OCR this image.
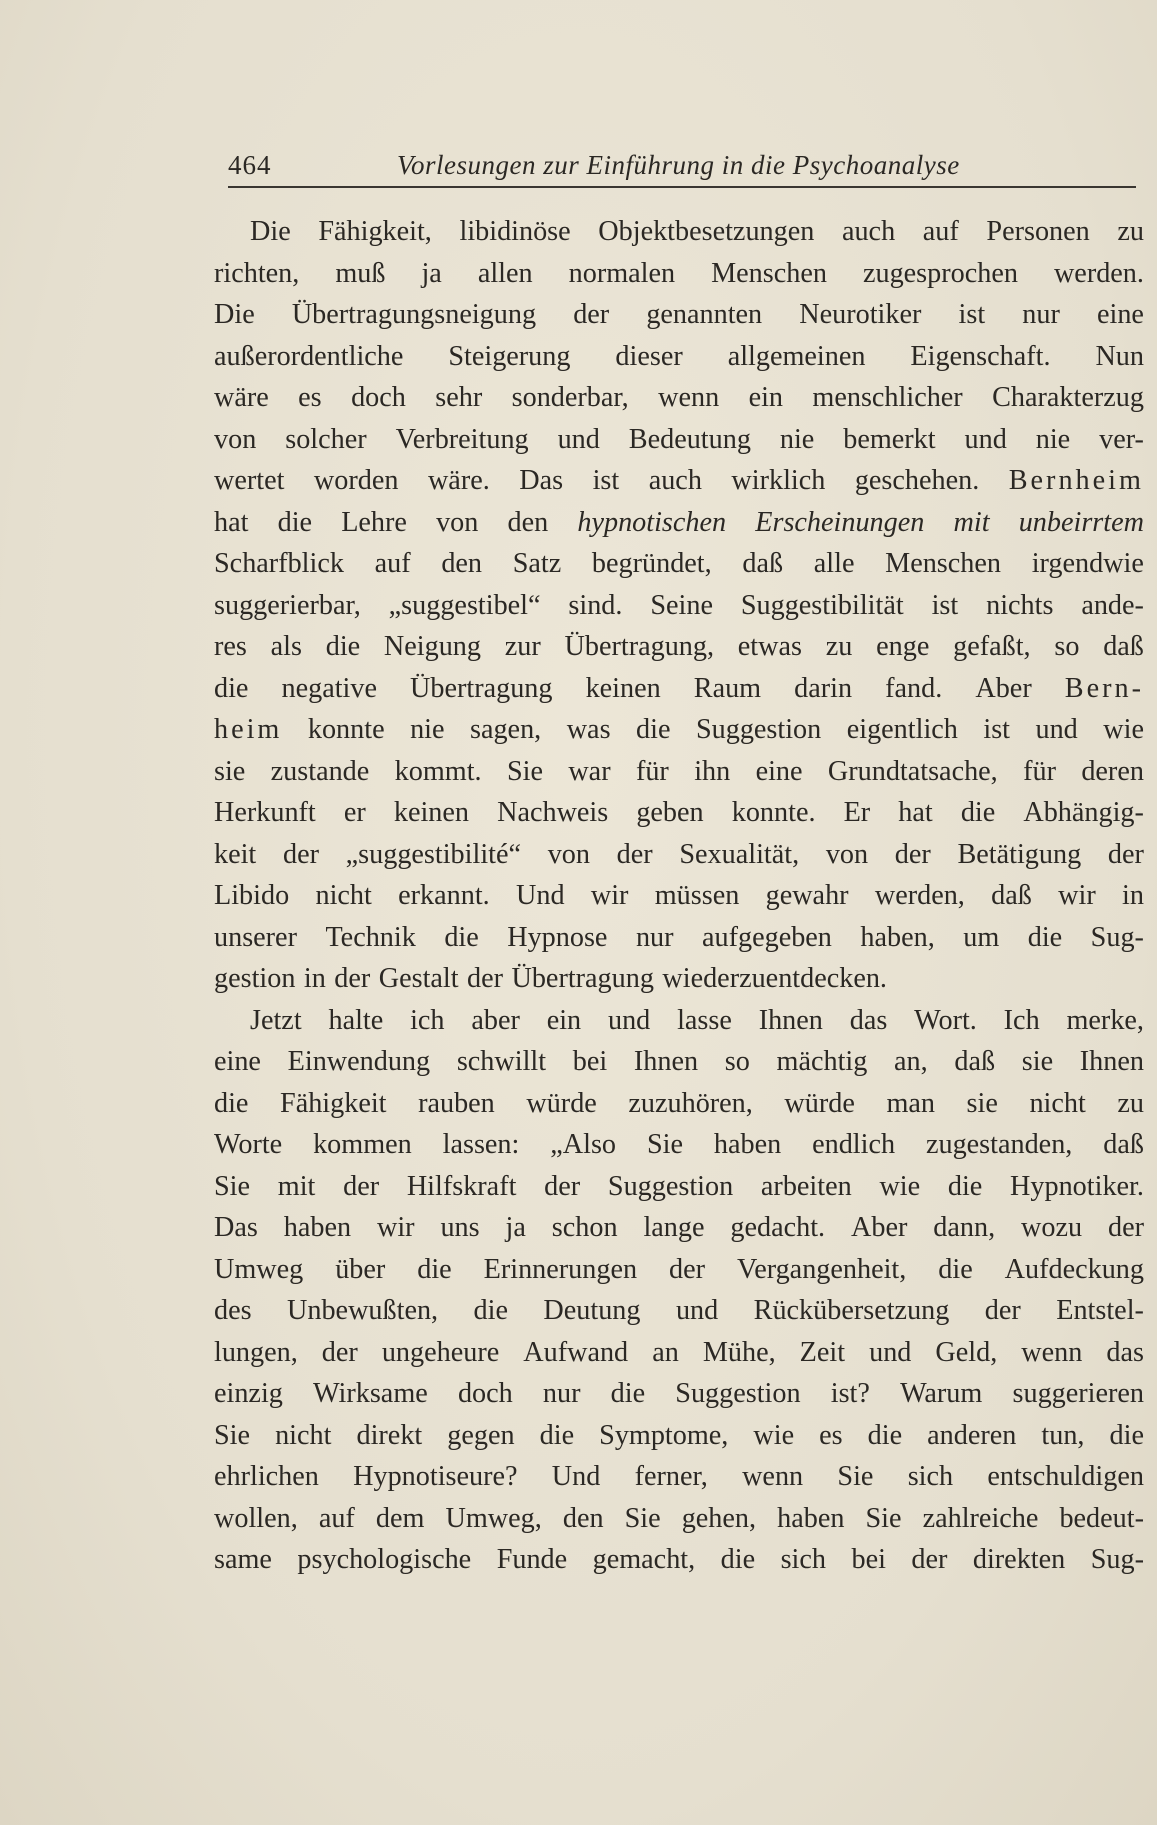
464	Vorlesungen zur Einführung in die Psychoanalyse
Die Fähigkeit, libidinöse Objektbesetzungen auch auf Personen zu
richten, muß ja allen normalen Menschen zugesprochen werden.
Die Übertragungsneigung der genannten Neurotiker ist nur eine
außerordentliche Steigerung dieser allgemeinen Eigenschaft. Nun
wäre es doch sehr sonderbar, wenn ein menschlicher Charakterzug
von solcher Verbreitung und Bedeutung nie bemerkt und nie ver-
wertet worden wäre. Das ist auch wirklich geschehen. Bernheim
hat die Lehre von den hypnotischen Erscheinungen mit unbeirrtem
Scharfblick auf den Satz begründet, daß alle Menschen irgendwie
suggerierbar, „suggestibel“ sind. Seine Suggestibilität ist nichts ande-
res als die Neigung zur Übertragung, etwas zu enge gefaßt, so daß
die negative Übertragung keinen Raum darin fand. Aber Bern-
heim konnte nie sagen, was die Suggestion eigentlich ist und wie
sie zustande kommt. Sie war für ihn eine Grundtatsache, für deren
Herkunft er keinen Nachweis geben konnte. Er hat die Abhängig-
keit der „suggestibilité“ von der Sexualität, von der Betätigung der
Libido nicht erkannt. Und wir müssen gewahr werden, daß wir in
unserer Technik die Hypnose nur aufgegeben haben, um die Sug-
gestion in der Gestalt der Übertragung wiederzuentdecken.
Jetzt halte ich aber ein und lasse Ihnen das Wort. Ich merke,
eine Einwendung schwillt bei Ihnen so mächtig an, daß sie Ihnen
die Fähigkeit rauben würde zuzuhören, würde man sie nicht zu
Worte kommen lassen: „Also Sie haben endlich zugestanden, daß
Sie mit der Hilfskraft der Suggestion arbeiten wie die Hypnotiker.
Das haben wir uns ja schon lange gedacht. Aber dann, wozu der
Umweg über die Erinnerungen der Vergangenheit, die Aufdeckung
des Unbewußten, die Deutung und Rückübersetzung der Entstel-
lungen, der ungeheure Aufwand an Mühe, Zeit und Geld, wenn das
einzig Wirksame doch nur die Suggestion ist? Warum suggerieren
Sie nicht direkt gegen die Symptome, wie es die anderen tun, die
ehrlichen Hypnotiseure? Und ferner, wenn Sie sich entschuldigen
wollen, auf dem Umweg, den Sie gehen, haben Sie zahlreiche bedeut-
same psychologische Funde gemacht, die sich bei der direkten Sug-
